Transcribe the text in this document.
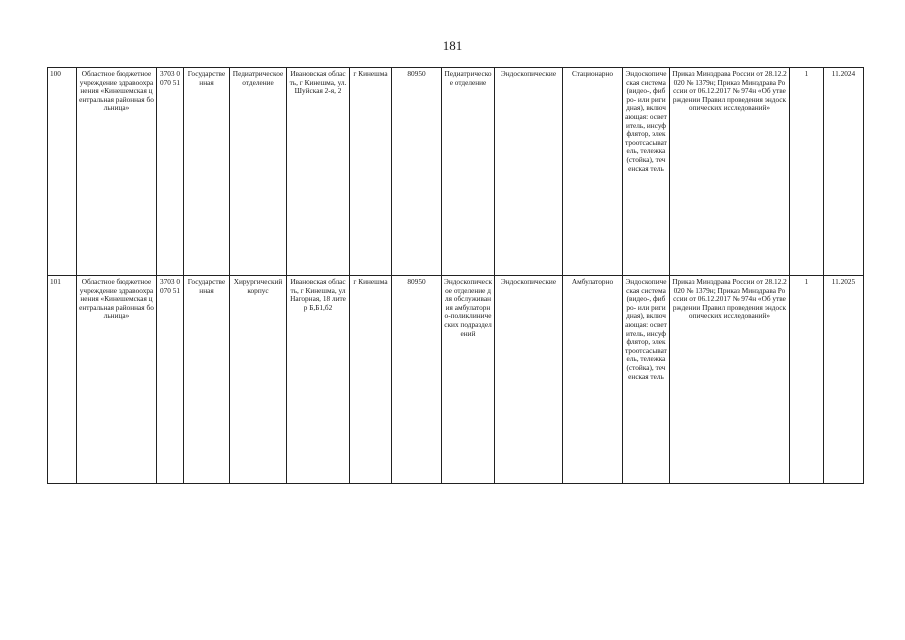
181
100	Областное бюджетное учреждение здравоохранения «Кинешемская центральная районная больница»	3703 0070 51	Государственная	Педиатрическое отделение	Ивановская область, г Кинешма, ул. Шуйская 2-я, 2	г Кинешма	80950	Педиатрическое отделение	Эндоскопические	Стационарно	Эндоскопическая система (видео-, фибро- или ригидная), включающая: осветитель, инсуффлятор, электроотсасыватель, тележка (стойка), теченская тель	Приказ Минздрава России от 28.12.2020 № 1379н; Приказ Минздрава России от 06.12.2017 № 974н «Об утверждении Правил проведения эндоскопических исследований»	1	11.2024
101	Областное бюджетное учреждение здравоохранения «Кинешемская центральная районная больница»	3703 0070 51	Государственная	Хирургический корпус	Ивановская область, г Кинешма, ул Нагорная, 18 литер Б,Б1,б2	г Кинешма	80950	Эндоскопическое отделение для обслуживания амбулаторно-поликлинических подразделений	Эндоскопические	Амбулаторно	Эндоскопическая система (видео-, фибро- или ригидная), включающая: осветитель, инсуффлятор, электроотсасыватель, тележка (стойка), теченская тель	Приказ Минздрава России от 28.12.2020 № 1379н; Приказ Минздрава России от 06.12.2017 № 974н «Об утверждении Правил проведения эндоскопических исследований»	1	11.2025
